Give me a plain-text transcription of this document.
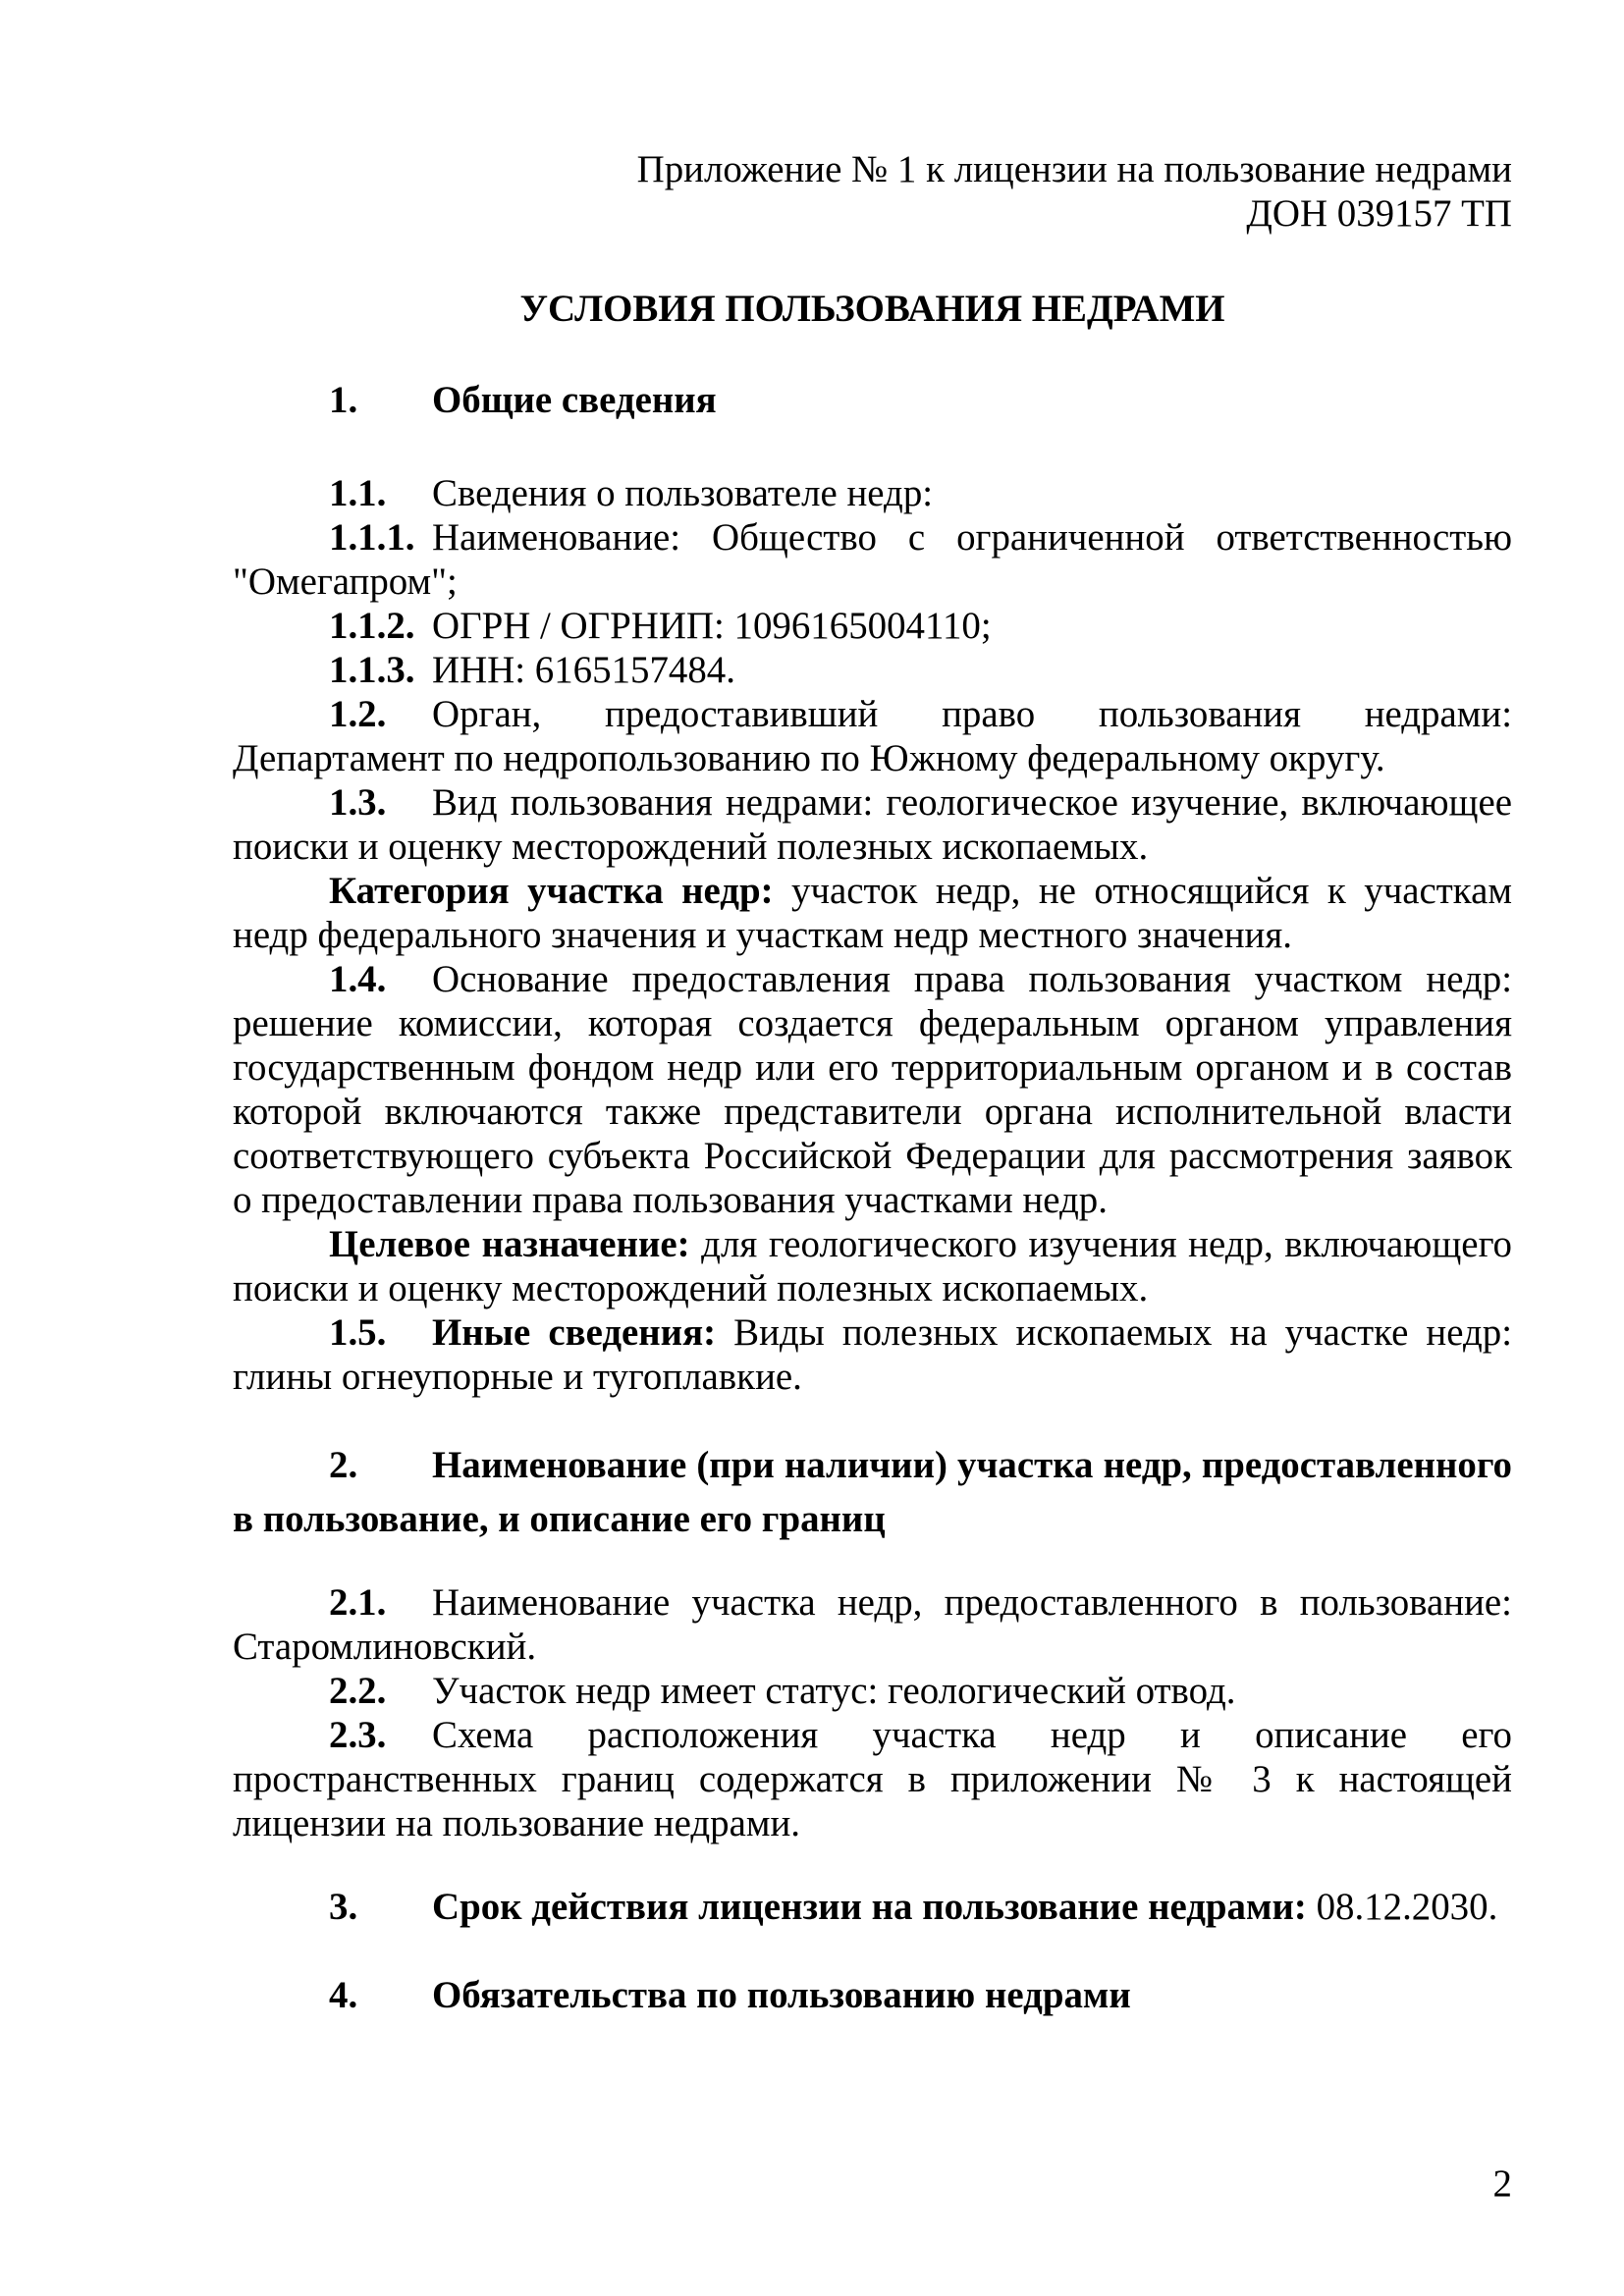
Приложение № 1 к лицензии на пользование недрами
ДОН 039157 ТП
УСЛОВИЯ ПОЛЬЗОВАНИЯ НЕДРАМИ

1. Общие сведения

1.1. Сведения о пользователе недр:

1.1.1. Наименование: Общество с ограниченной ответственностью "Омегапром";

1.1.2. ОГРН / ОГРНИП: 1096165004110;

1.1.3. ИНН: 6165157484.

1.2. Орган, предоставивший право пользования недрами: Департамент по недропользованию по Южному федеральному округу.

1.3. Вид пользования недрами: геологическое изучение, включающее поиски и оценку месторождений полезных ископаемых.

Категория участка недр: участок недр, не относящийся к участкам недр федерального значения и участкам недр местного значения.

1.4. Основание предоставления права пользования участком недр: решение комиссии, которая создается федеральным органом управления государственным фондом недр или его территориальным органом и в состав которой включаются также представители органа исполнительной власти соответствующего субъекта Российской Федерации для рассмотрения заявок о предоставлении права пользования участками недр.

Целевое назначение: для геологического изучения недр, включающего поиски и оценку месторождений полезных ископаемых.

1.5. Иные сведения: Виды полезных ископаемых на участке недр: глины огнеупорные и тугоплавкие.

2. Наименование (при наличии) участка недр, предоставленного в пользование, и описание его границ

2.1. Наименование участка недр, предоставленного в пользование: Старомлиновский.

2.2. Участок недр имеет статус: геологический отвод.

2.3. Схема расположения участка недр и описание его пространственных границ содержатся в приложении № 3 к настоящей лицензии на пользование недрами.

3. Срок действия лицензии на пользование недрами: 08.12.2030.

4. Обязательства по пользованию недрами

2
